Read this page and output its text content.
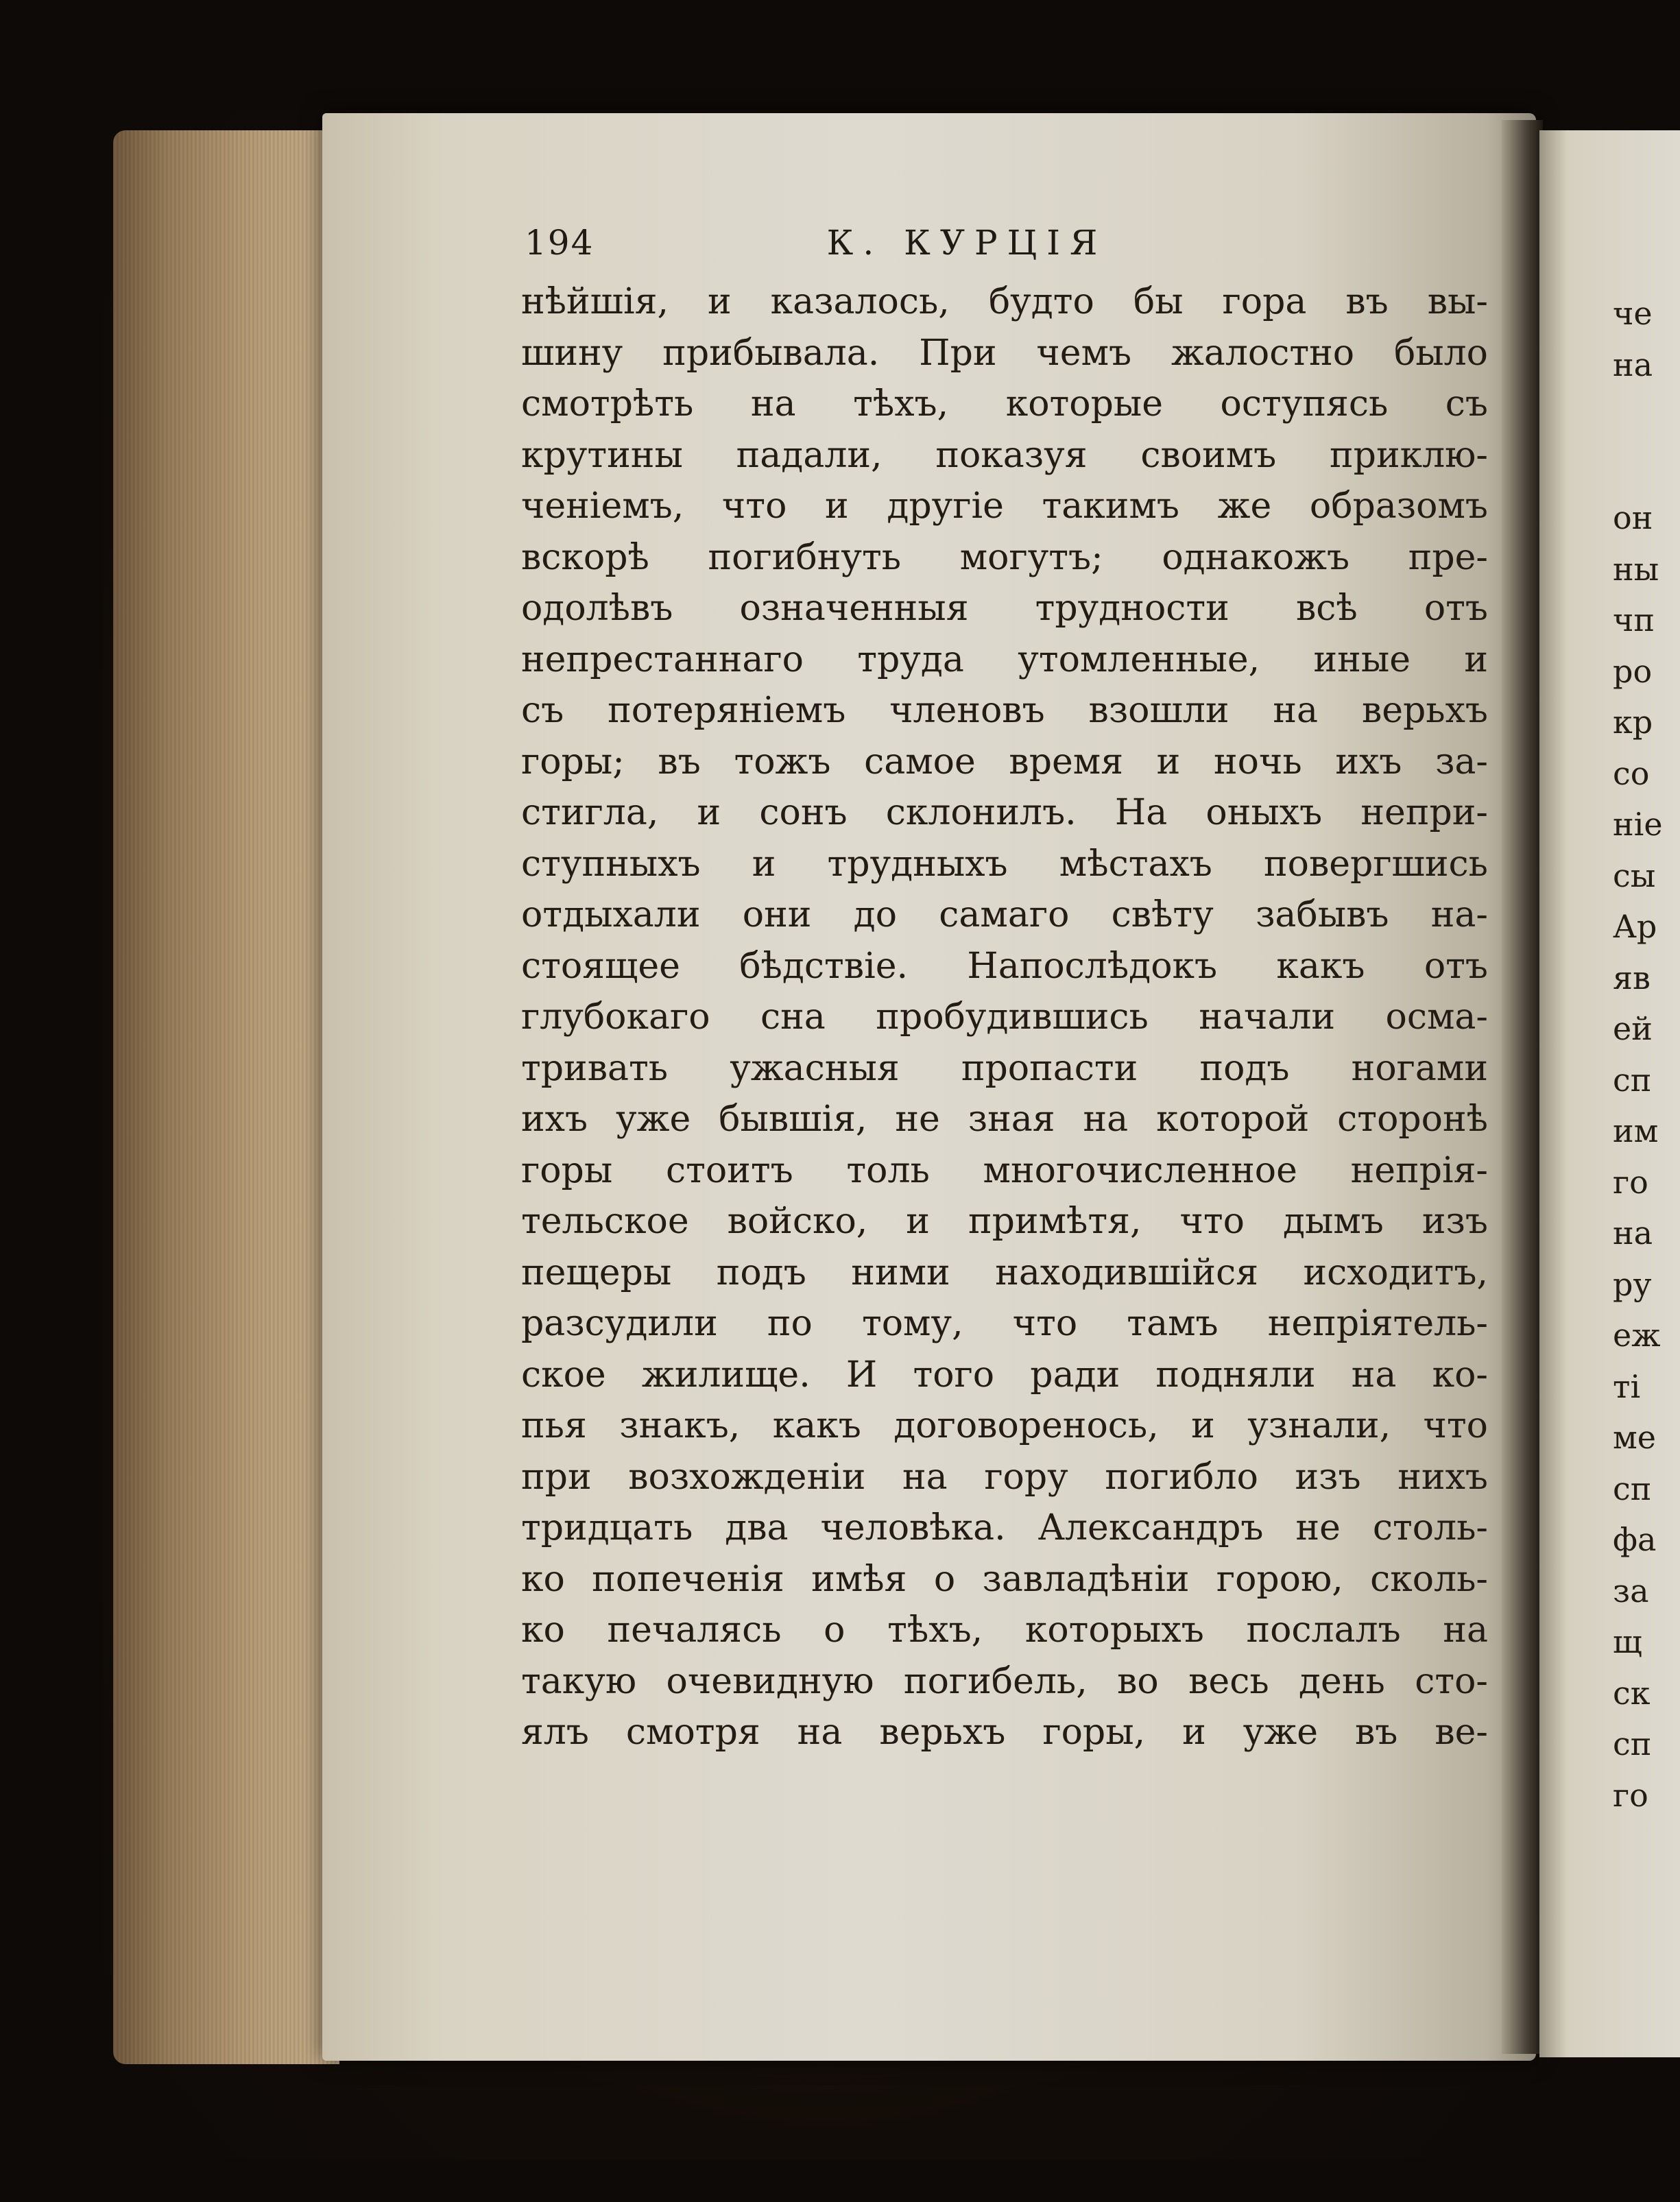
194	К. КУРЦІЯ
нѣйшія, и казалось, будто бы гора въ вы-
шину прибывала. При чемъ жалостно было
смотрѣть на тѣхъ, которые оступясь съ
крутины падали, показуя своимъ приклю-
ченіемъ, что и другіе такимъ же образомъ
вскорѣ погибнуть могутъ; однакожъ пре-
одолѣвъ означенныя трудности всѣ отъ
непрестаннаго труда утомленные, иные и
съ потеряніемъ членовъ взошли на верьхъ
горы; въ тожъ самое время и ночь ихъ за-
стигла, и сонъ склонилъ. На оныхъ непри-
ступныхъ и трудныхъ мѣстахъ повергшись
отдыхали они до самаго свѣту забывъ на-
стоящее бѣдствіе. Напослѣдокъ какъ отъ
глубокаго сна пробудившись начали осма-
тривать ужасныя пропасти подъ ногами
ихъ уже бывшія, не зная на которой сторонѣ
горы стоитъ толь многочисленное непрія-
тельское войско, и примѣтя, что дымъ изъ
пещеры подъ ними находившійся исходитъ,
разсудили по тому, что тамъ непріятель-
ское жилище. И того ради подняли на ко-
пья знакъ, какъ договоренось, и узнали, что
при возхожденіи на гору погибло изъ нихъ
тридцать два человѣка. Александръ не столь-
ко попеченія имѣя о завладѣніи горою, сколь-
ко печалясь о тѣхъ, которыхъ послалъ на
такую очевидную погибель, во весь день сто-
ялъ смотря на верьхъ горы, и уже въ ве-
че
на
он
ны
чп
ро
кр
со
ніе
сы
Ар
яв
ей
сп
им
го
на
ру
еж
ті
ме
сп
фа
за
щ
ск
сп
го
